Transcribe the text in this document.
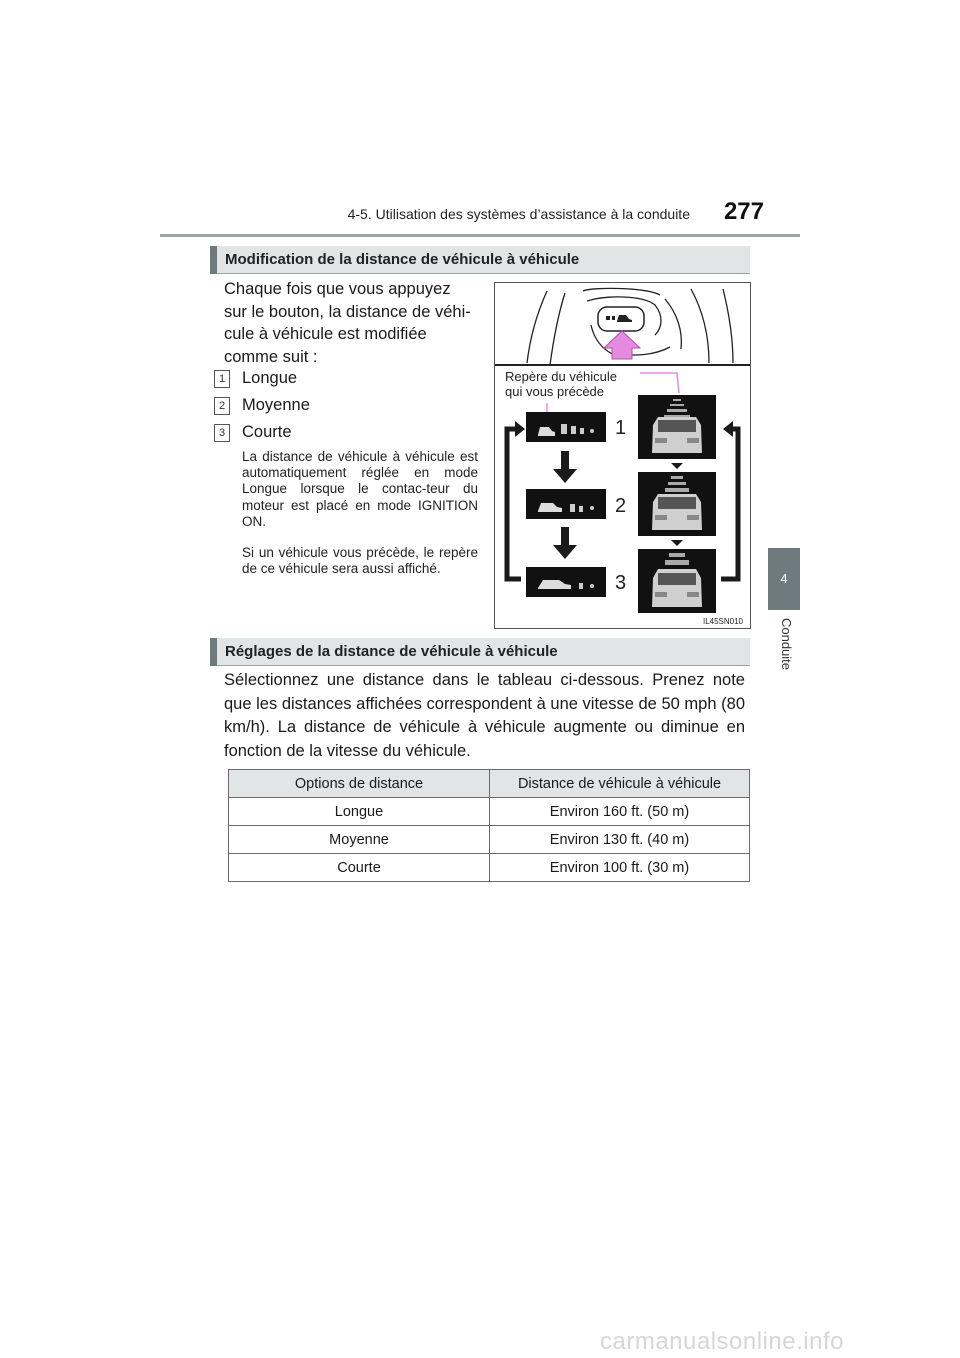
4-5. Utilisation des systèmes d’assistance à la conduite	277
4
Conduite
Modification de la distance de véhicule à véhicule
Chaque fois que vous appuyez
sur le bouton, la distance de véhi-
cule à véhicule est modifiée
comme suit :
1 Longue
2 Moyenne
3 Courte
La distance de véhicule à véhicule est automatiquement réglée en mode Longue lorsque le contac-teur du moteur est placé en mode IGNITION ON.
Si un véhicule vous précède, le repère de ce véhicule sera aussi affiché.
Repère du véhicule
qui vous précède
1
2
3
IL45SN010
Réglages de la distance de véhicule à véhicule
Sélectionnez une distance dans le tableau ci-dessous. Prenez note que les distances affichées correspondent à une vitesse de 50 mph (80 km/h). La distance de véhicule à véhicule augmente ou diminue en fonction de la vitesse du véhicule.
Options de distance	Distance de véhicule à véhicule
Longue	Environ 160 ft. (50 m)
Moyenne	Environ 130 ft. (40 m)
Courte	Environ 100 ft. (30 m)
carmanualsonline.info
